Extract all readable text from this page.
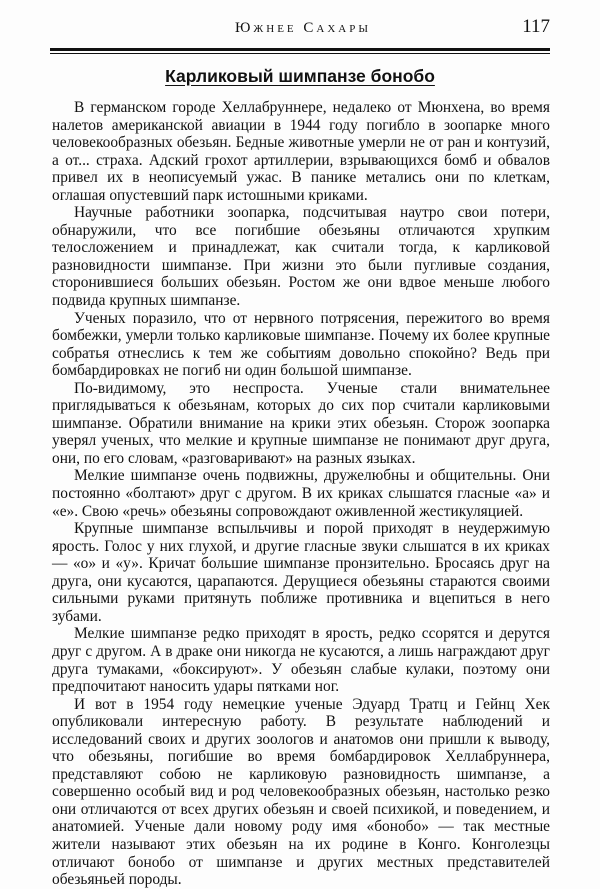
Южнее Сахары	117
Карликовый шимпанзе бонобо

В германском городе Хеллабруннере, недалеко от Мюнхена, во время налетов американской авиации в 1944 году погибло в зоопарке много человекообразных обезьян. Бедные животные умерли не от ран и контузий, а от... страха. Адский грохот артиллерии, взрывающихся бомб и обвалов привел их в неописуемый ужас. В панике метались они по клеткам, оглашая опустевший парк истошными криками.

Научные работники зоопарка, подсчитывая наутро свои потери, обнаружили, что все погибшие обезьяны отличаются хрупким телосложением и принадлежат, как считали тогда, к карликовой разновидности шимпанзе. При жизни это были пугливые создания, сторонившиеся больших обезьян. Ростом же они вдвое меньше любого подвида крупных шимпанзе.

Ученых поразило, что от нервного потрясения, пережитого во время бомбежки, умерли только карликовые шимпанзе. Почему их более крупные собратья отнеслись к тем же событиям довольно спокойно? Ведь при бомбардировках не погиб ни один большой шимпанзе.

По-видимому, это неспроста. Ученые стали внимательнее приглядываться к обезьянам, которых до сих пор считали карликовыми шимпанзе. Обратили внимание на крики этих обезьян. Сторож зоопарка уверял ученых, что мелкие и крупные шимпанзе не понимают друг друга, они, по его словам, «разговаривают» на разных языках.

Мелкие шимпанзе очень подвижны, дружелюбны и общительны. Они постоянно «болтают» друг с другом. В их криках слышатся гласные «а» и «е». Свою «речь» обезьяны сопровождают оживленной жестикуляцией.

Крупные шимпанзе вспыльчивы и порой приходят в неудержимую ярость. Голос у них глухой, и другие гласные звуки слышатся в их криках — «о» и «у». Кричат большие шимпанзе пронзительно. Бросаясь друг на друга, они кусаются, царапаются. Дерущиеся обезьяны стараются своими сильными руками притянуть поближе противника и вцепиться в него зубами.

Мелкие шимпанзе редко приходят в ярость, редко ссорятся и дерутся друг с другом. А в драке они никогда не кусаются, а лишь награждают друг друга тумаками, «боксируют». У обезьян слабые кулаки, поэтому они предпочитают наносить удары пятками ног.

И вот в 1954 году немецкие ученые Эдуард Тратц и Гейнц Хек опубликовали интересную работу. В результате наблюдений и исследований своих и других зоологов и анатомов они пришли к выводу, что обезьяны, погибшие во время бомбардировок Хеллабруннера, представляют собою не карликовую разновидность шимпанзе, а совершенно особый вид и род человекообразных обезьян, настолько резко они отличаются от всех других обезьян и своей психикой, и поведением, и анатомией. Ученые дали новому роду имя «бонобо» — так местные жители называют этих обезьян на их родине в Конго. Конголезцы отличают бонобо от шимпанзе и других местных представителей обезьяньей породы.
